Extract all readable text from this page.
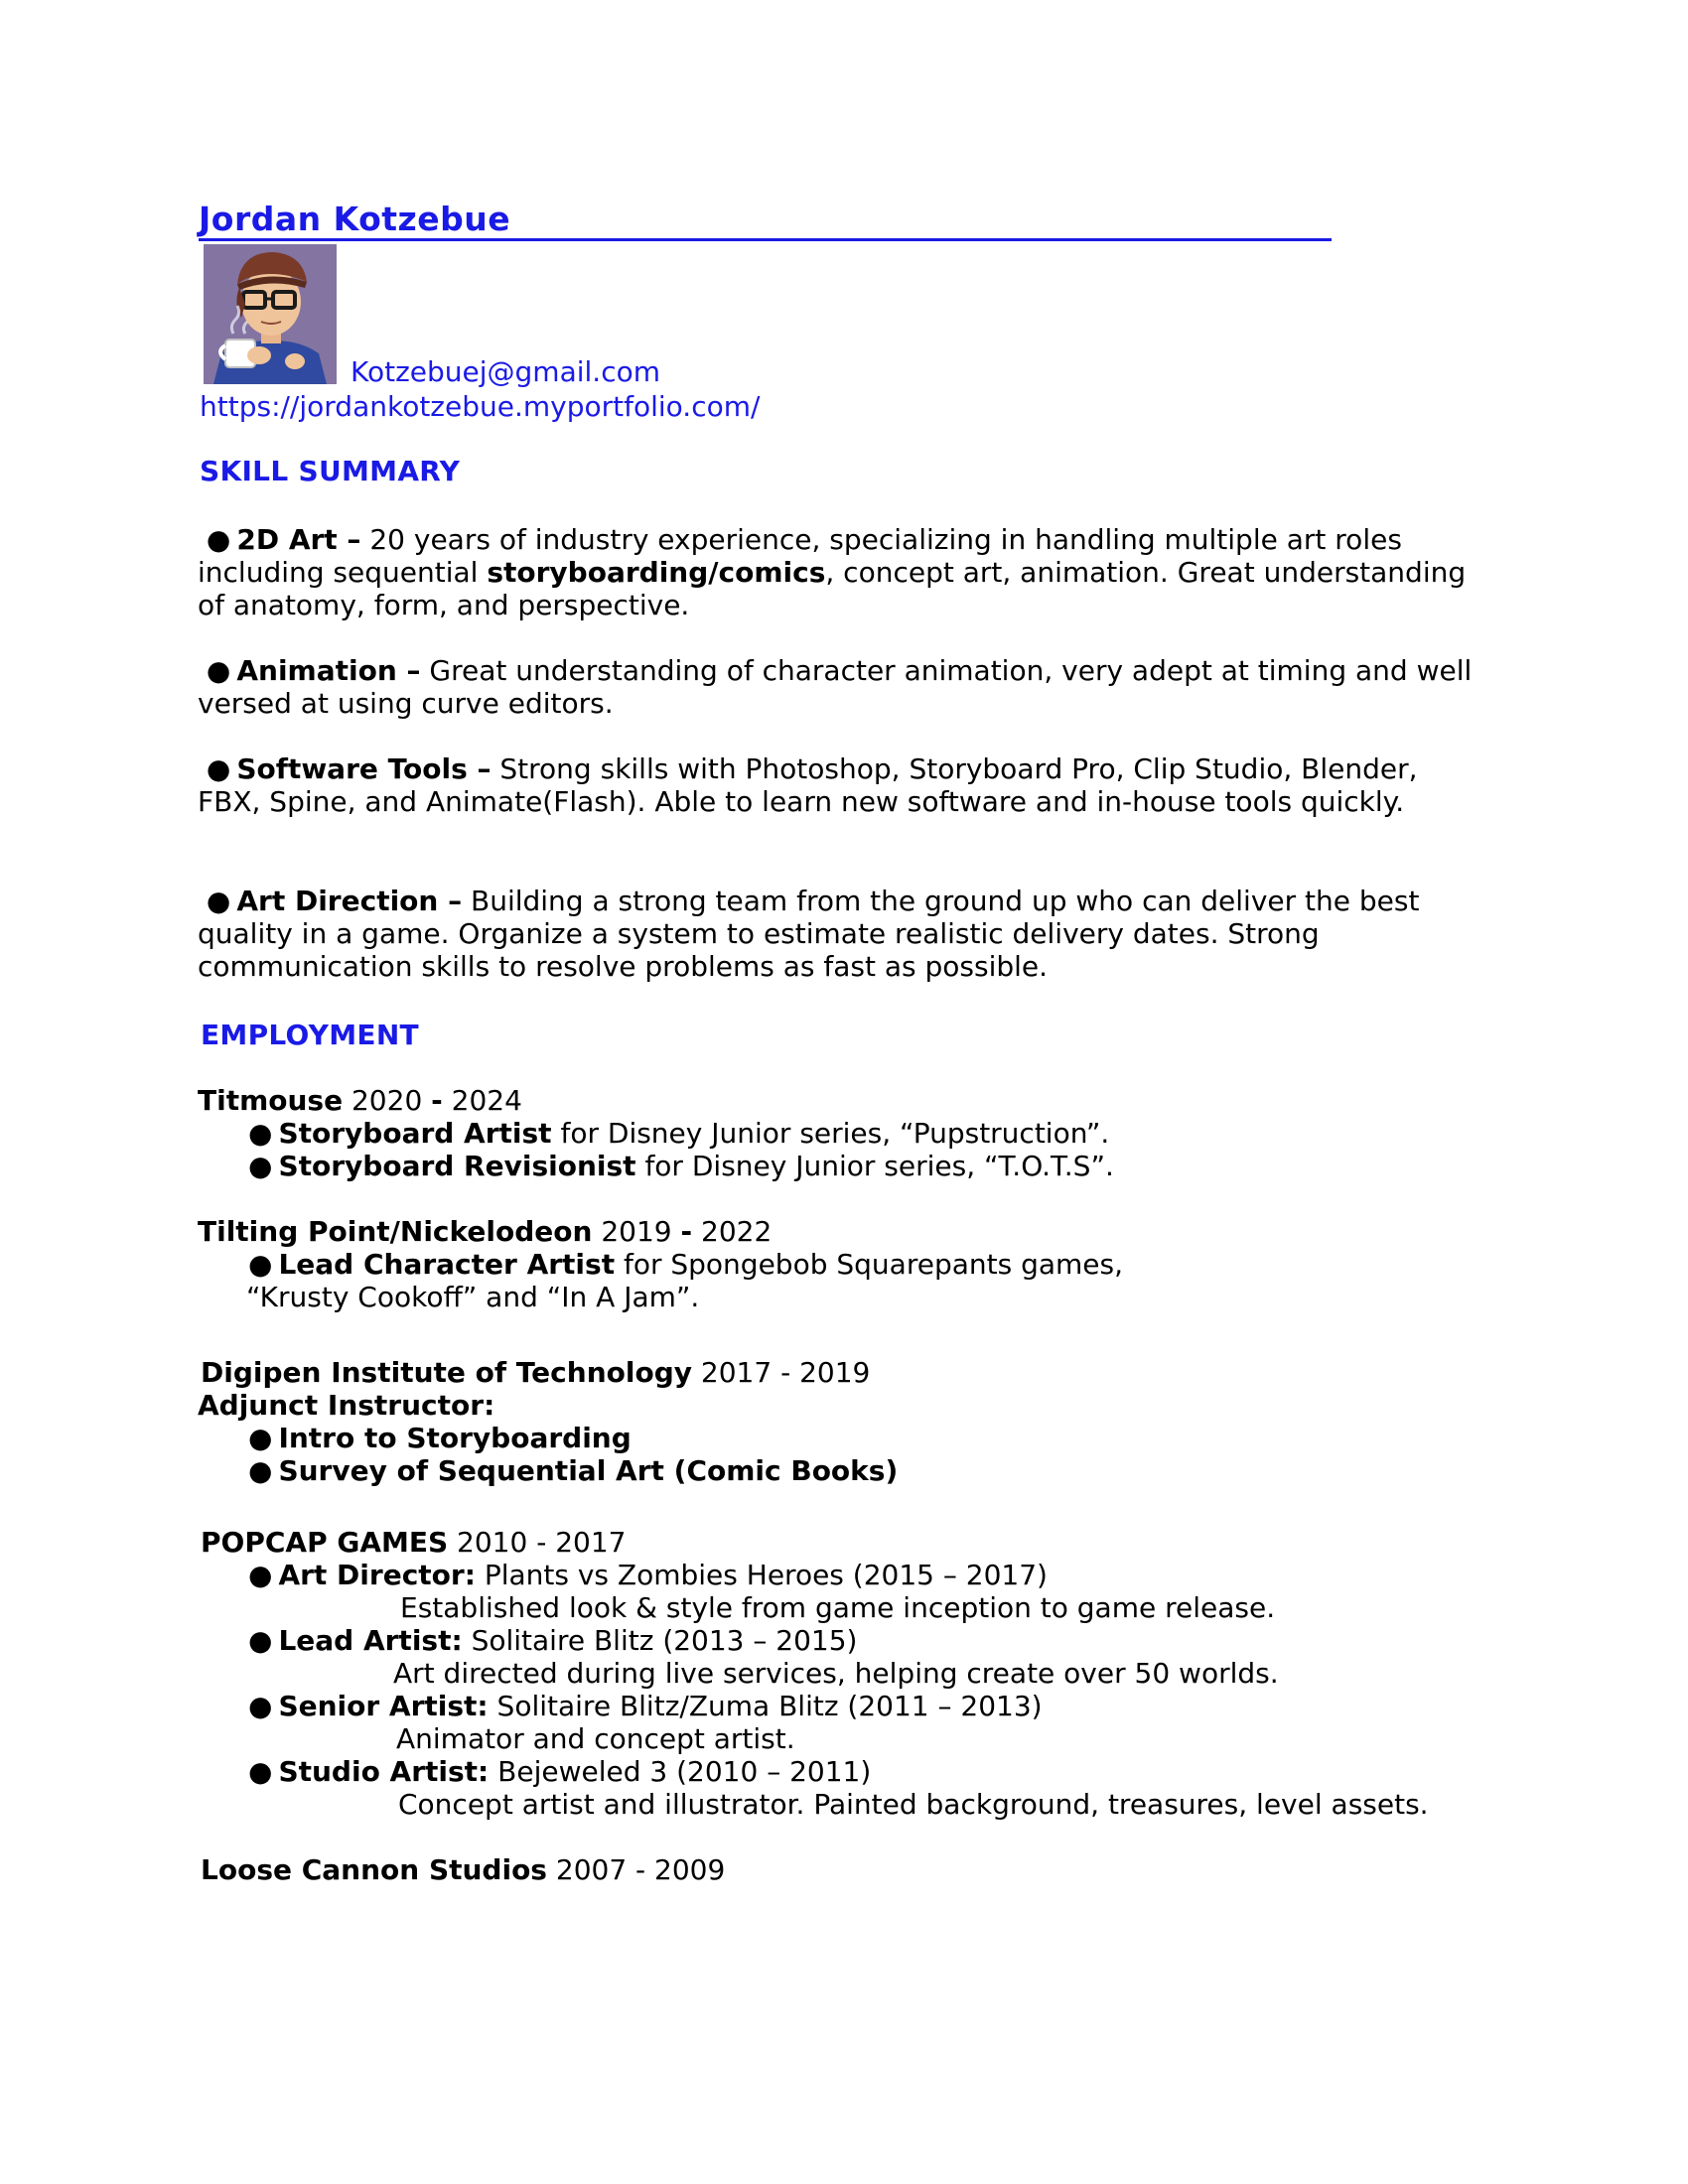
Jordan Kotzebue
Kotzebuej@gmail.com
https://jordankotzebue.myportfolio.com/
SKILL SUMMARY
● 2D Art – 20 years of industry experience, specializing in handling multiple art roles including sequential storyboarding/comics, concept art, animation. Great understanding of anatomy, form, and perspective.
● Animation – Great understanding of character animation, very adept at timing and well versed at using curve editors.
● Software Tools – Strong skills with Photoshop, Storyboard Pro, Clip Studio, Blender, FBX, Spine, and Animate(Flash). Able to learn new software and in-house tools quickly.
● Art Direction – Building a strong team from the ground up who can deliver the best quality in a game. Organize a system to estimate realistic delivery dates. Strong communication skills to resolve problems as fast as possible.
EMPLOYMENT
Titmouse 2020 - 2024
● Storyboard Artist for Disney Junior series, “Pupstruction”.
● Storyboard Revisionist for Disney Junior series, “T.O.T.S”.
Tilting Point/Nickelodeon 2019 - 2022
● Lead Character Artist for Spongebob Squarepants games,
“Krusty Cookoff” and “In A Jam”.
Digipen Institute of Technology 2017 - 2019
Adjunct Instructor:
● Intro to Storyboarding
● Survey of Sequential Art (Comic Books)
POPCAP GAMES 2010 - 2017
● Art Director: Plants vs Zombies Heroes (2015 – 2017)
Established look & style from game inception to game release.
● Lead Artist: Solitaire Blitz (2013 – 2015)
Art directed during live services, helping create over 50 worlds.
● Senior Artist: Solitaire Blitz/Zuma Blitz (2011 – 2013)
Animator and concept artist.
● Studio Artist: Bejeweled 3 (2010 – 2011)
Concept artist and illustrator. Painted background, treasures, level assets.
Loose Cannon Studios 2007 - 2009
